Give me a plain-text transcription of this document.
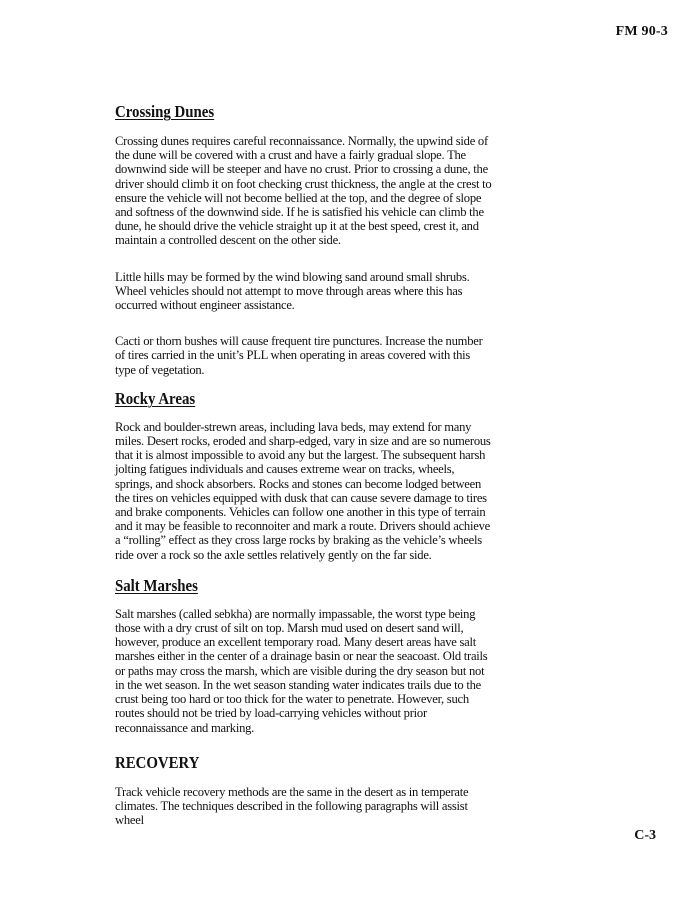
FM 90-3
Crossing Dunes

Crossing dunes requires careful reconnaissance. Normally, the upwind side of the dune will be covered with a crust and have a fairly gradual slope. The downwind side will be steeper and have no crust. Prior to crossing a dune, the driver should climb it on foot checking crust thickness, the angle at the crest to ensure the vehicle will not become bellied at the top, and the degree of slope and softness of the downwind side. If he is satisfied his vehicle can climb the dune, he should drive the vehicle straight up it at the best speed, crest it, and maintain a controlled descent on the other side.

Little hills may be formed by the wind blowing sand around small shrubs. Wheel vehicles should not attempt to move through areas where this has occurred without engineer assistance.

Cacti or thorn bushes will cause frequent tire punctures. Increase the number of tires carried in the unit’s PLL when operating in areas covered with this type of vegetation.

Rocky Areas

Rock and boulder-strewn areas, including lava beds, may extend for many miles. Desert rocks, eroded and sharp-edged, vary in size and are so numerous that it is almost impossible to avoid any but the largest. The subsequent harsh jolting fatigues individuals and causes extreme wear on tracks, wheels, springs, and shock absorbers. Rocks and stones can become lodged between the tires on vehicles equipped with dusk that can cause severe damage to tires and brake components. Vehicles can follow one another in this type of terrain and it may be feasible to reconnoiter and mark a route. Drivers should achieve a “rolling” effect as they cross large rocks by braking as the vehicle’s wheels ride over a rock so the axle settles relatively gently on the far side.

Salt Marshes

Salt marshes (called sebkha) are normally impassable, the worst type being those with a dry crust of silt on top. Marsh mud used on desert sand will, however, produce an excellent temporary road. Many desert areas have salt marshes either in the center of a drainage basin or near the seacoast. Old trails or paths may cross the marsh, which are visible during the dry season but not in the wet season. In the wet season standing water indicates trails due to the crust being too hard or too thick for the water to penetrate. However, such routes should not be tried by load-carrying vehicles without prior reconnaissance and marking.

RECOVERY

Track vehicle recovery methods are the same in the desert as in temperate climates. The techniques described in the following paragraphs will assist wheel

C-3
